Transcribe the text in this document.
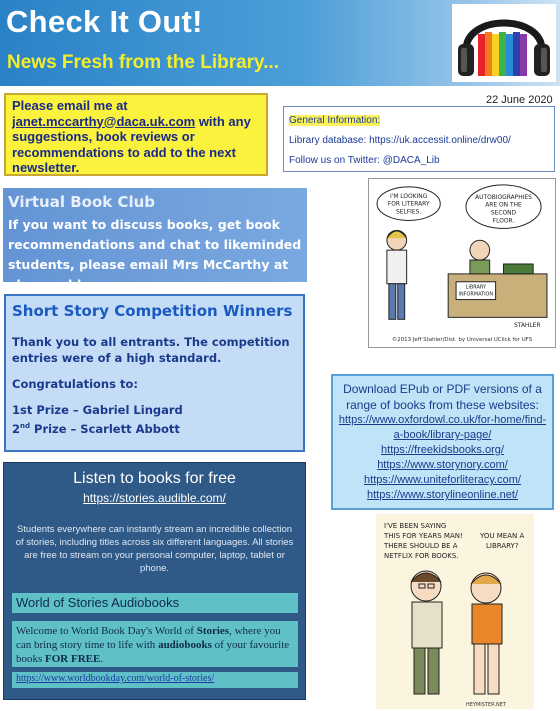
Check It Out!
News Fresh from the Library...
Please email me at
janet.mccarthy@daca.uk.com with any suggestions, book reviews or recommendations to add to the next newsletter.
22 June 2020
General Information:
Library database: https://uk.accessit.online/drw00/
Follow us on Twitter: @DACA_Lib
Virtual Book Club
If you want to discuss books, get book recommendations and chat to likeminded students, please email Mrs McCarthy at above address.
I'M LOOKING
FOR LITERARY
SELFIES.
AUTOBIOGRAPHIES
ARE ON THE
SECOND
FLOOR.
LIBRARY
INFORMATION
STAHLER
©2013 Jeff Stahler/Dist. by Universal UClick for UFS
Short Story Competition Winners

Thank you to all entrants. The competition entries were of a high standard.

Congratulations to:

1st Prize – Gabriel Lingard

2nd Prize – Scarlett Abbott

Download EPub or PDF versions of a range of books from these websites:
https://www.oxfordowl.co.uk/for-home/find-a-book/library-page/
https://freekidsbooks.org/
https://www.storynory.com/
https://www.uniteforliteracy.com/
https://www.storylineonline.net/
Listen to books for free
https://stories.audible.com/
Students everywhere can instantly stream an incredible collection of stories, including titles across six different languages. All stories are free to stream on your personal computer, laptop, tablet or phone.
World of Stories Audiobooks
Welcome to World Book Day's World of Stories, where you can bring story time to life with audiobooks of your favourite books FOR FREE.
https://www.worldbookday.com/world-of-stories/
I'VE BEEN SAYING
THIS FOR YEARS MAN!
THERE SHOULD BE A
NETFLIX FOR BOOKS.
YOU MEAN A
LIBRARY?
HEYMISTER.NET
